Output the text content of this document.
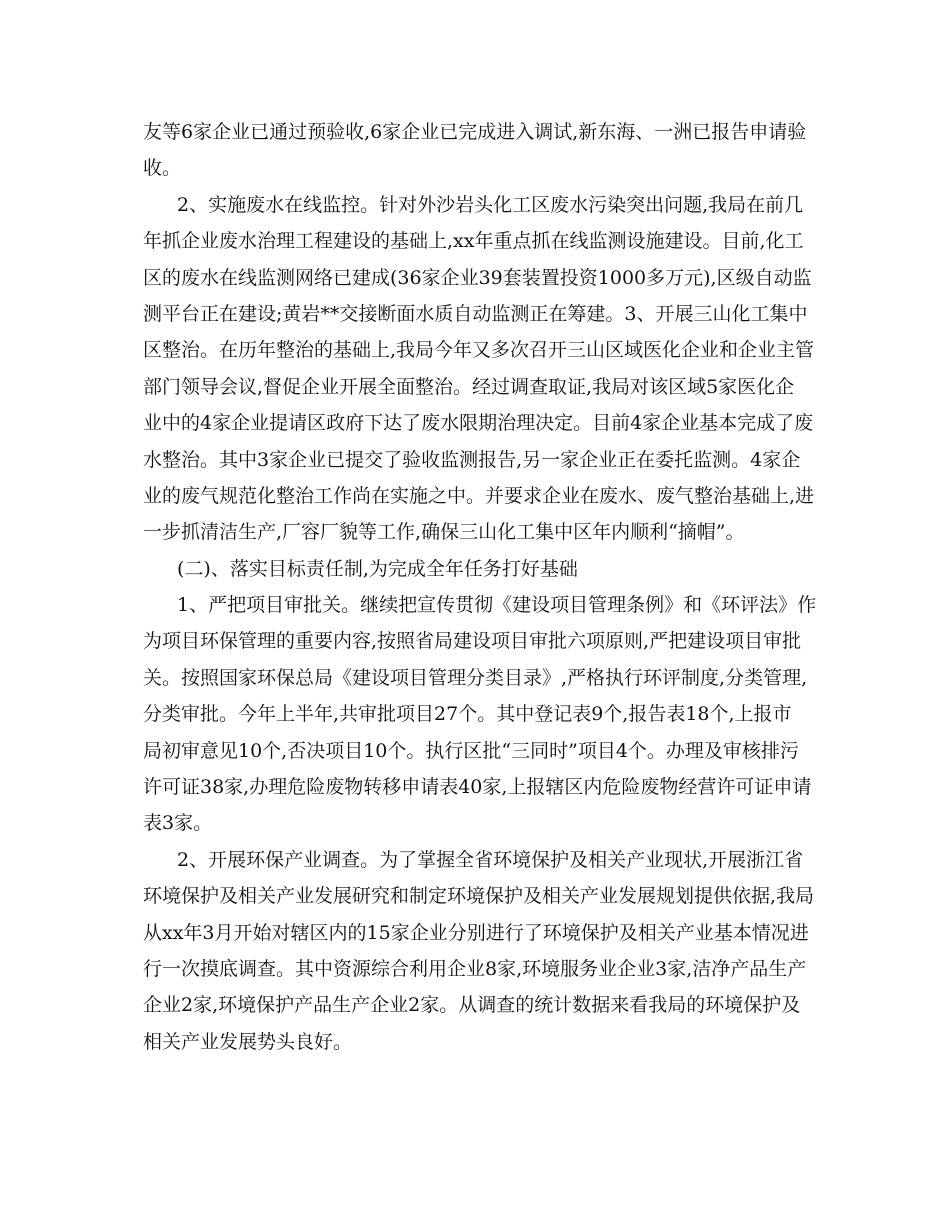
友等6家企业已通过预验收,6家企业已完成进入调试,新东海、一洲已报告申请验
收。
2、实施废水在线监控。针对外沙岩头化工区废水污染突出问题,我局在前几
年抓企业废水治理工程建设的基础上,xx年重点抓在线监测设施建设。目前,化工
区的废水在线监测网络已建成(36家企业39套装置投资1000多万元),区级自动监
测平台正在建设;黄岩**交接断面水质自动监测正在筹建。3、开展三山化工集中
区整治。在历年整治的基础上,我局今年又多次召开三山区域医化企业和企业主管
部门领导会议,督促企业开展全面整治。经过调查取证,我局对该区域5家医化企
业中的4家企业提请区政府下达了废水限期治理决定。目前4家企业基本完成了废
水整治。其中3家企业已提交了验收监测报告,另一家企业正在委托监测。4家企
业的废气规范化整治工作尚在实施之中。并要求企业在废水、废气整治基础上,进
一步抓清洁生产,厂容厂貌等工作,确保三山化工集中区年内顺利“摘帽”。
(二)、落实目标责任制,为完成全年任务打好基础
1、严把项目审批关。继续把宣传贯彻《建设项目管理条例》和《环评法》作
为项目环保管理的重要内容,按照省局建设项目审批六项原则,严把建设项目审批
关。按照国家环保总局《建设项目管理分类目录》,严格执行环评制度,分类管理,
分类审批。今年上半年,共审批项目27个。其中登记表9个,报告表18个,上报市
局初审意见10个,否决项目10个。执行区批“三同时”项目4个。办理及审核排污
许可证38家,办理危险废物转移申请表40家,上报辖区内危险废物经营许可证申请
表3家。
2、开展环保产业调查。为了掌握全省环境保护及相关产业现状,开展浙江省
环境保护及相关产业发展研究和制定环境保护及相关产业发展规划提供依据,我局
从xx年3月开始对辖区内的15家企业分别进行了环境保护及相关产业基本情况进
行一次摸底调查。其中资源综合利用企业8家,环境服务业企业3家,洁净产品生产
企业2家,环境保护产品生产企业2家。从调查的统计数据来看我局的环境保护及
相关产业发展势头良好。
